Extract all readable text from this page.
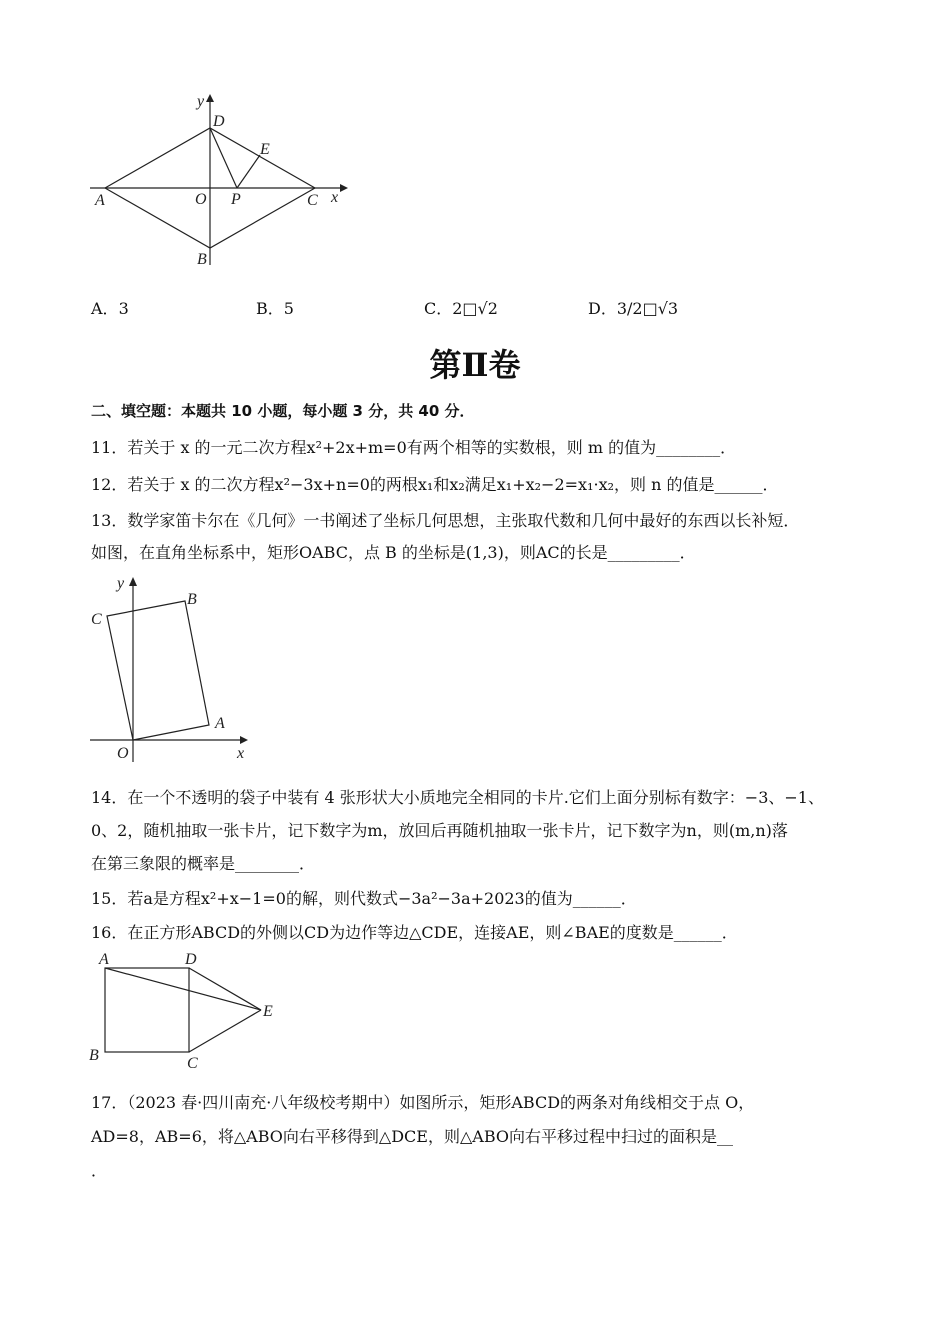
y
D
E
A	O P	C x
B
A．3	B．5	C．2□√2	D．3/2□√3
第Ⅱ卷
二、填空题：本题共 10 小题，每小题 3 分，共 40 分．
11．若关于 x 的一元二次方程x²+2x+m=0有两个相等的实数根，则 m 的值为________．
12．若关于 x 的二次方程x²−3x+n=0的两根x₁和x₂满足x₁+x₂−2=x₁·x₂，则 n 的值是______．
13．数学家笛卡尔在《几何》一书阐述了坐标几何思想，主张取代数和几何中最好的东西以长补短．
如图，在直角坐标系中，矩形OABC，点 B 的坐标是(1,3)，则AC的长是_________．
y
B
C
A
O	x
14．在一个不透明的袋子中装有 4 张形状大小质地完全相同的卡片.它们上面分别标有数字：−3、−1、
0、2，随机抽取一张卡片，记下数字为m，放回后再随机抽取一张卡片，记下数字为n，则(m,n)落
在第三象限的概率是________．
15．若a是方程x²+x−1=0的解，则代数式−3a²−3a+2023的值为______．
16．在正方形ABCD的外侧以CD为边作等边△CDE，连接AE，则∠BAE的度数是______．
A	D
E
B	C
17．（2023 春·四川南充·八年级校考期中）如图所示，矩形ABCD的两条对角线相交于点 O，
AD=8，AB=6，将△ABO向右平移得到△DCE，则△ABO向右平移过程中扫过的面积是__
．
